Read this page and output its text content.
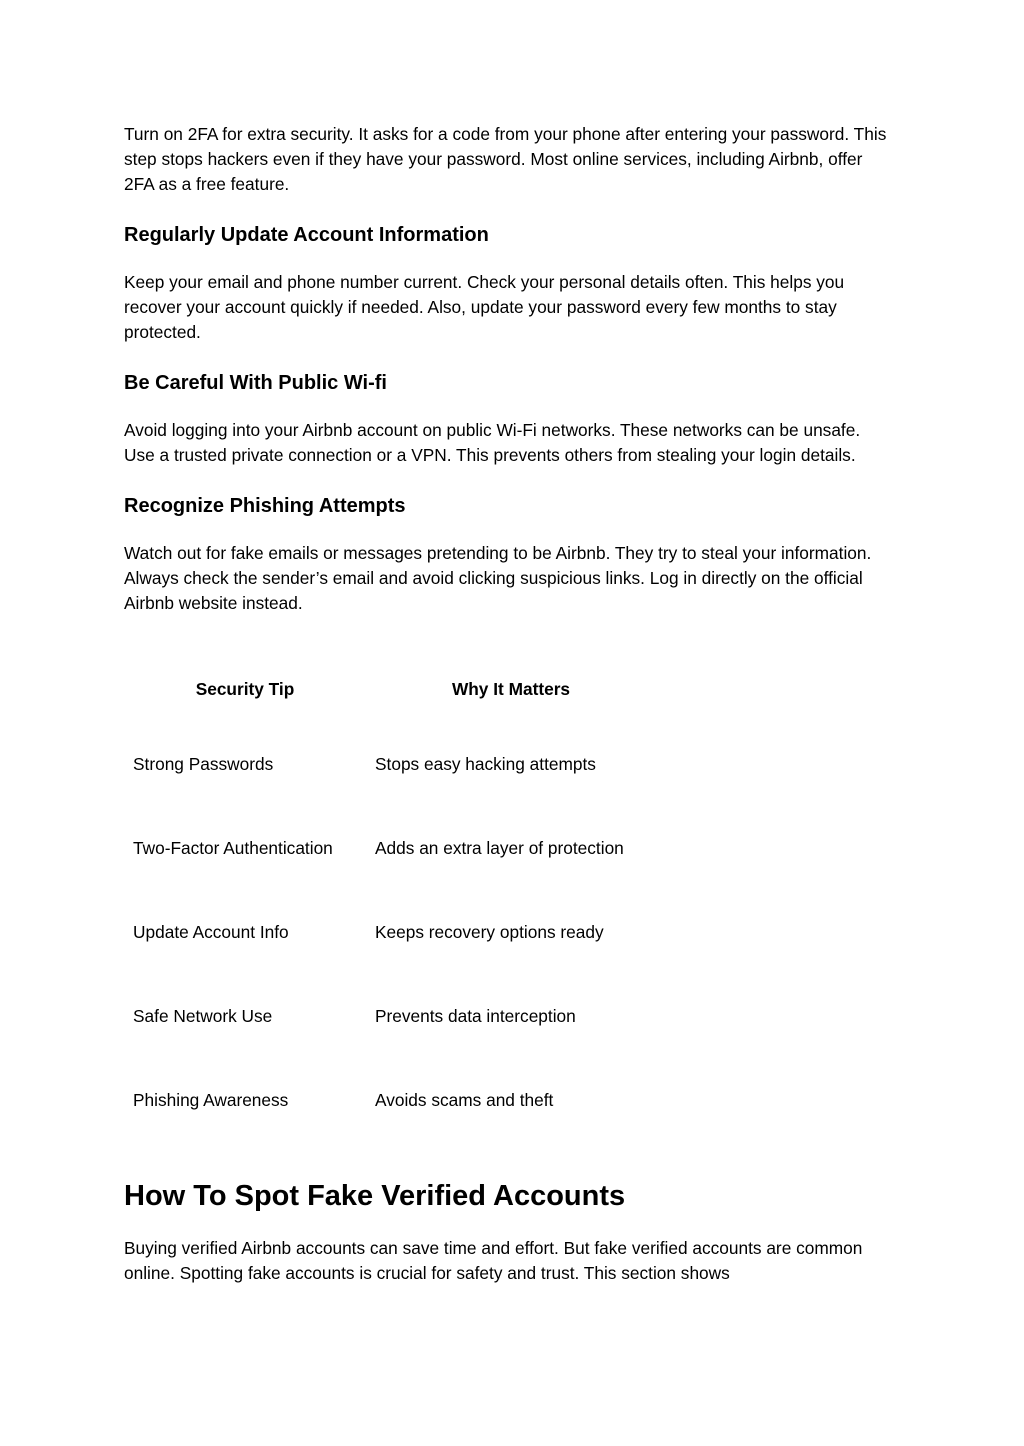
Turn on 2FA for extra security. It asks for a code from your phone after entering your password. This step stops hackers even if they have your password. Most online services, including Airbnb, offer 2FA as a free feature.

Regularly Update Account Information

Keep your email and phone number current. Check your personal details often. This helps you recover your account quickly if needed. Also, update your password every few months to stay protected.

Be Careful With Public Wi-fi

Avoid logging into your Airbnb account on public Wi-Fi networks. These networks can be unsafe. Use a trusted private connection or a VPN. This prevents others from stealing your login details.

Recognize Phishing Attempts

Watch out for fake emails or messages pretending to be Airbnb. They try to steal your information. Always check the sender’s email and avoid clicking suspicious links. Log in directly on the official Airbnb website instead.

Security Tip	Why It Matters
Strong Passwords	Stops easy hacking attempts
Two-Factor Authentication	Adds an extra layer of protection
Update Account Info	Keeps recovery options ready
Safe Network Use	Prevents data interception
Phishing Awareness	Avoids scams and theft
How To Spot Fake Verified Accounts

Buying verified Airbnb accounts can save time and effort. But fake verified accounts are common online. Spotting fake accounts is crucial for safety and trust. This section shows
